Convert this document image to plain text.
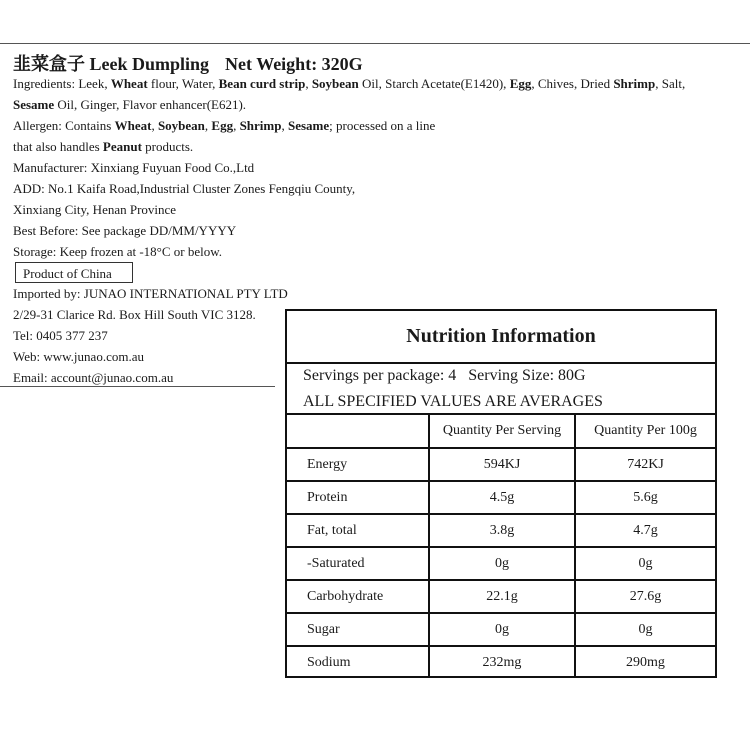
韭菜盒子 Leek Dumpling Net Weight: 320G
Ingredients: Leek, Wheat flour, Water, Bean curd strip, Soybean Oil, Starch Acetate(E1420), Egg, Chives, Dried Shrimp, Salt,
Sesame Oil, Ginger, Flavor enhancer(E621).
Allergen: Contains Wheat, Soybean, Egg, Shrimp, Sesame; processed on a line
that also handles Peanut products.
Manufacturer: Xinxiang Fuyuan Food Co.,Ltd
ADD: No.1 Kaifa Road,Industrial Cluster Zones Fengqiu County,
Xinxiang City, Henan Province
Best Before: See package DD/MM/YYYY
Storage: Keep frozen at -18°C or below.
Product of China
Imported by: JUNAO INTERNATIONAL PTY LTD
2/29-31 Clarice Rd. Box Hill South VIC 3128.
Tel: 0405 377 237
Web: www.junao.com.au
Email: account@junao.com.au
Nutrition Information
Servings per package: 4 Serving Size: 80G
ALL SPECIFIED VALUES ARE AVERAGES
	Quantity Per Serving	Quantity Per 100g
Energy	594KJ	742KJ
Protein	4.5g	5.6g
Fat, total	3.8g	4.7g
-Saturated	0g	0g
Carbohydrate	22.1g	27.6g
Sugar	0g	0g
Sodium	232mg	290mg
